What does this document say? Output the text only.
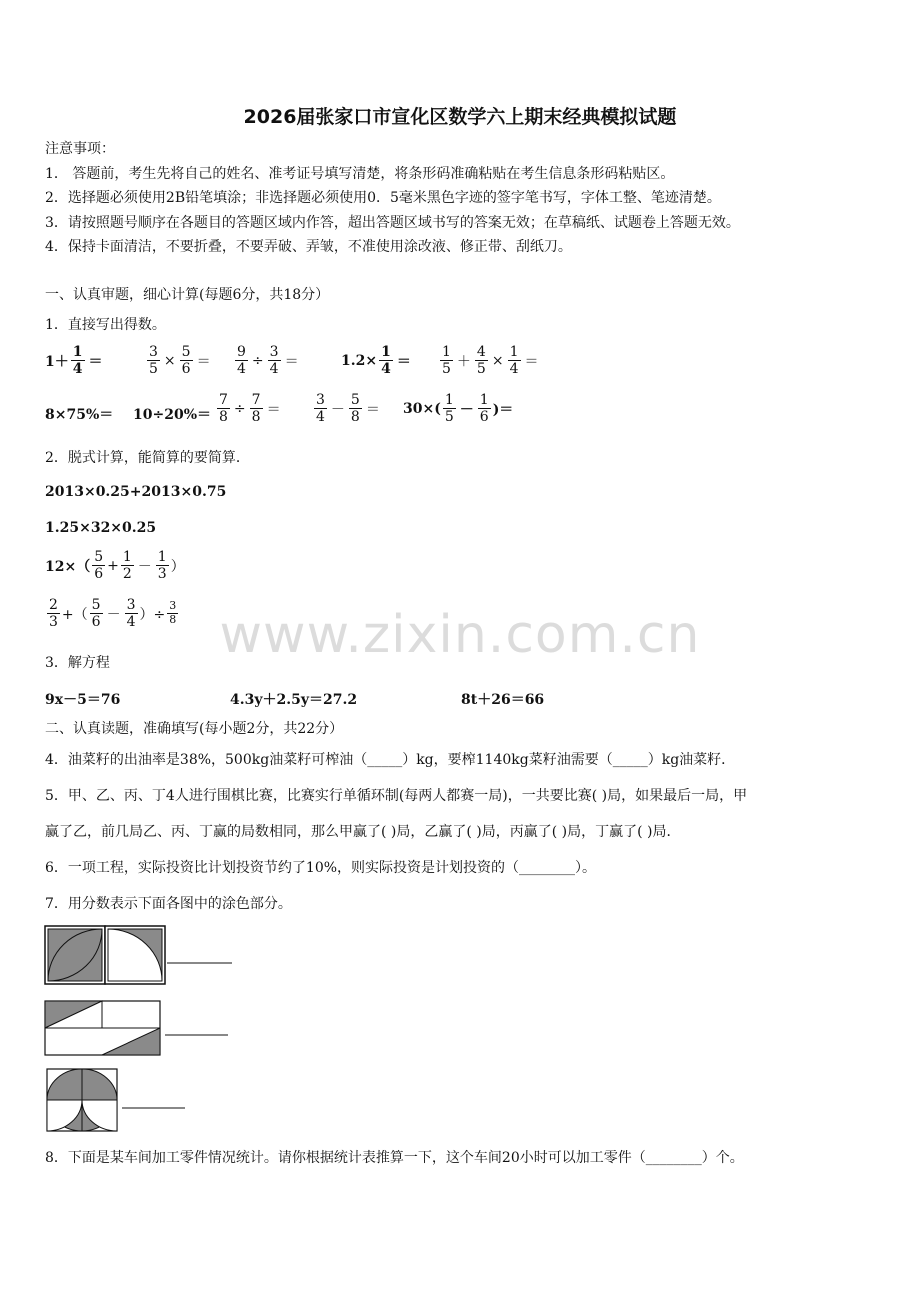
2026届张家口市宣化区数学六上期末经典模拟试题
注意事项：
1． 答题前，考生先将自己的姓名、准考证号填写清楚，将条形码准确粘贴在考生信息条形码粘贴区。
2．选择题必须使用2B铅笔填涂；非选择题必须使用0．5毫米黑色字迹的签字笔书写，字体工整、笔迹清楚。
3．请按照题号顺序在各题目的答题区域内作答，超出答题区域书写的答案无效；在草稿纸、试题卷上答题无效。
4．保持卡面清洁，不要折叠，不要弄破、弄皱，不准使用涂改液、修正带、刮纸刀。
一、认真审题，细心计算(每题6分，共18分）
1．直接写出得数。
$1+ \frac{1}{4}$ ＝	$\frac{3}{5} \times \frac{5}{6} = \frac{9}{4} \div \frac{3}{4}$ ＝	$1.2\times \frac{1}{4} = \frac{1}{5} + \frac{4}{5} \times \frac{1}{4}$ ＝
$8\times 75\%= 10\div 20\%= \frac{7}{8} \div \frac{7}{8} = \frac{3}{4} - \frac{5}{8} = 30\times( \frac{1}{5} - \frac{1}{6}$ )＝
2．脱式计算，能简算的要简算．
2013×0.25+2013×0.75
1.25×32×0.25
$12\times( \frac{5}{6} + \frac{1}{2} - \frac{1}{3}$ ）
$\frac{2}{3}$ +（ $\frac{5}{6} - \frac{3}{4}$ ）÷ $\frac{3}{8}$ www.zixin.com.cn
3．解方程
9x－5＝76	4.3y＋2.5y＝27.2	8t＋26＝66
二、认真读题，准确填写(每小题2分，共22分）
4．油菜籽的出油率是38%，500kg油菜籽可榨油（_____）kg，要榨1140kg菜籽油需要（_____）kg油菜籽．
5．甲、乙、丙、丁4人进行围棋比赛，比赛实行单循环制(每两人都赛一局)，一共要比赛( )局，如果最后一局，甲
赢了乙，前几局乙、丙、丁赢的局数相同，那么甲赢了( )局，乙赢了( )局，丙赢了( )局，丁赢了( )局．
6．一项工程，实际投资比计划投资节约了10%，则实际投资是计划投资的（________）。
7．用分数表示下面各图中的涂色部分。
8．下面是某车间加工零件情况统计。请你根据统计表推算一下，这个车间20小时可以加工零件（________）个。
